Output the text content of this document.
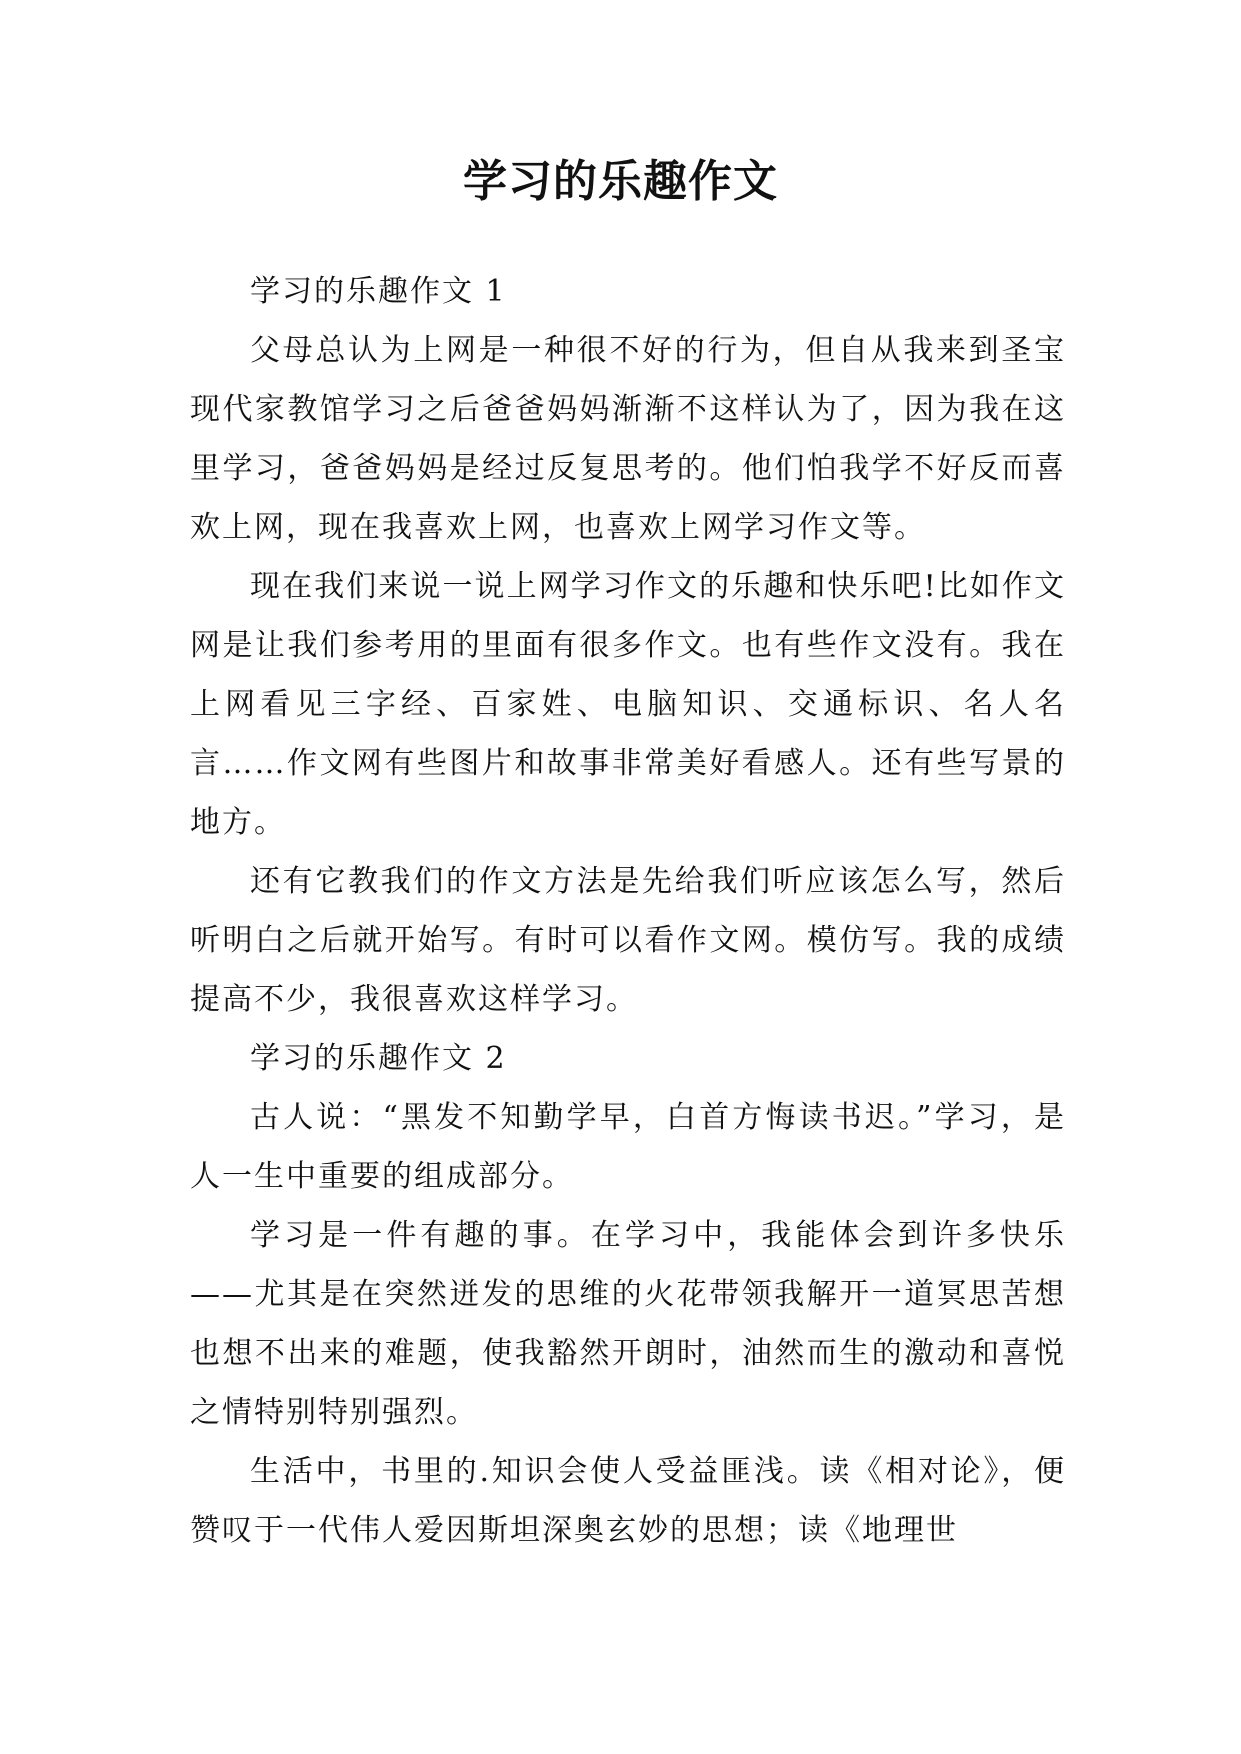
学习的乐趣作文

学习的乐趣作文 1

父母总认为上网是一种很不好的行为，但自从我来到圣宝现代家教馆学习之后爸爸妈妈渐渐不这样认为了，因为我在这里学习，爸爸妈妈是经过反复思考的。他们怕我学不好反而喜欢上网，现在我喜欢上网，也喜欢上网学习作文等。

现在我们来说一说上网学习作文的乐趣和快乐吧!比如作文网是让我们参考用的里面有很多作文。也有些作文没有。我在上网看见三字经、百家姓、电脑知识、交通标识、名人名言……作文网有些图片和故事非常美好看感人。还有些写景的地方。

还有它教我们的作文方法是先给我们听应该怎么写，然后听明白之后就开始写。有时可以看作文网。模仿写。我的成绩提高不少，我很喜欢这样学习。

学习的乐趣作文 2

古人说：“黑发不知勤学早，白首方悔读书迟。”学习，是人一生中重要的组成部分。

学习是一件有趣的事。在学习中，我能体会到许多快乐——尤其是在突然迸发的思维的火花带领我解开一道冥思苦想也想不出来的难题，使我豁然开朗时，油然而生的激动和喜悦之情特别特别强烈。

生活中，书里的.知识会使人受益匪浅。读《相对论》，便赞叹于一代伟人爱因斯坦深奥玄妙的思想；读《地理世
